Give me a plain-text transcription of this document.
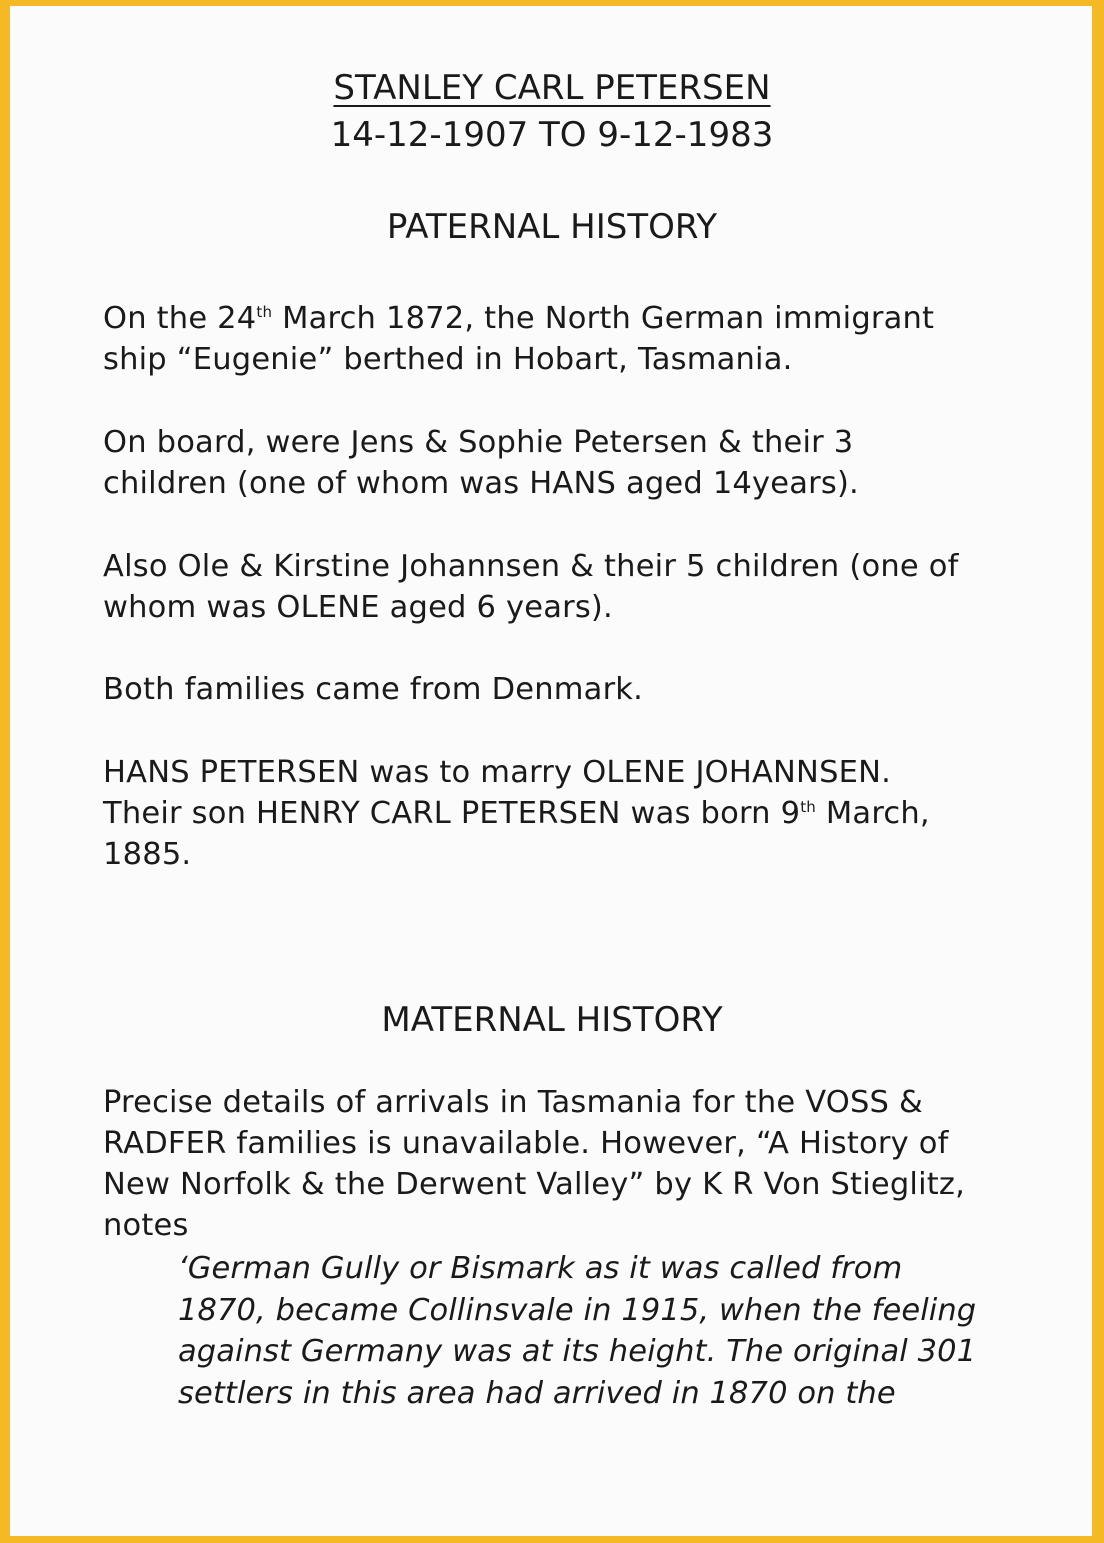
STANLEY CARL PETERSEN
14-12-1907 TO 9-12-1983
PATERNAL HISTORY
On the 24th March 1872, the North German immigrant
ship “Eugenie” berthed in Hobart, Tasmania.
On board, were Jens & Sophie Petersen & their 3
children (one of whom was HANS aged 14years).
Also Ole & Kirstine Johannsen & their 5 children (one of
whom was OLENE aged 6 years).
Both families came from Denmark.
HANS PETERSEN was to marry OLENE JOHANNSEN.
Their son HENRY CARL PETERSEN was born 9th March,
1885.
MATERNAL HISTORY
Precise details of arrivals in Tasmania for the VOSS &
RADFER families is unavailable. However, “A History of
New Norfolk & the Derwent Valley” by K R Von Stieglitz,
notes
‘German Gully or Bismark as it was called from
1870, became Collinsvale in 1915, when the feeling
against Germany was at its height. The original 301
settlers in this area had arrived in 1870 on the
